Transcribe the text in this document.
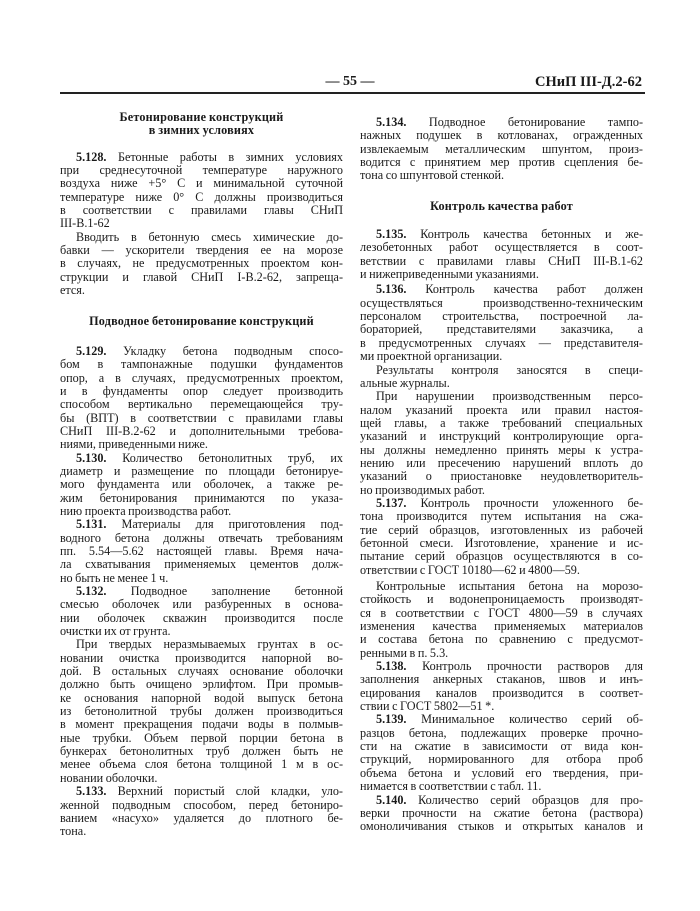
— 55 —	СНиП III-Д.2-62
Бетонирование конструкций
в зимних условиях
5.128. Бетонные работы в зимних условиях
при среднесуточной температуре наружного
воздуха ниже +5° С и минимальной суточной
температуре ниже 0° С должны производиться
в соответствии с правилами главы СНиП
III-В.1-62
Вводить в бетонную смесь химические до-
бавки — ускорители твердения ее на морозе
в случаях, не предусмотренных проектом кон-
струкции и главой СНиП I-В.2-62, запреща-
ется.
Подводное бетонирование конструкций
5.129. Укладку бетона подводным спосо-
бом в тампонажные подушки фундаментов
опор, а в случаях, предусмотренных проектом,
и в фундаменты опор следует производить
способом вертикально перемещающейся тру-
бы (ВПТ) в соответствии с правилами главы
СНиП III-В.2-62 и дополнительными требова-
ниями, приведенными ниже.
5.130. Количество бетонолитных труб, их
диаметр и размещение по площади бетонируе-
мого фундамента или оболочек, а также ре-
жим бетонирования принимаются по указа-
нию проекта производства работ.
5.131. Материалы для приготовления под-
водного бетона должны отвечать требованиям
пп. 5.54—5.62 настоящей главы. Время нача-
ла схватывания применяемых цементов долж-
но быть не менее 1 ч.
5.132. Подводное заполнение бетонной
смесью оболочек или разбуренных в основа-
нии оболочек скважин производится после
очистки их от грунта.
При твердых неразмываемых грунтах в ос-
новании очистка производится напорной во-
дой. В остальных случаях основание оболочки
должно быть очищено эрлифтом. При промыв-
ке основания напорной водой выпуск бетона
из бетонолитной трубы должен производиться
в момент прекращения подачи воды в полмыв-
ные трубки. Объем первой порции бетона в
бункерах бетонолитных труб должен быть не
менее объема слоя бетона толщиной 1 м в ос-
новании оболочки.
5.133. Верхний пористый слой кладки, уло-
женной подводным способом, перед бетониро-
ванием «насухо» удаляется до плотного бе-
тона.
5.134. Подводное бетонирование тампо-
нажных подушек в котлованах, огражденных
извлекаемым металлическим шпунтом, произ-
водится с принятием мер против сцепления бе-
тона со шпунтовой стенкой.
Контроль качества работ
5.135. Контроль качества бетонных и же-
лезобетонных работ осуществляется в соот-
ветствии с правилами главы СНиП III-В.1-62
и нижеприведенными указаниями.
5.136. Контроль качества работ должен
осуществляться производственно-техническим
персоналом строительства, построечной ла-
бораторией, представителями заказчика, а
в предусмотренных случаях — представителя-
ми проектной организации.
Результаты контроля заносятся в специ-
альные журналы.
При нарушении производственным персо-
налом указаний проекта или правил настоя-
щей главы, а также требований специальных
указаний и инструкций контролирующие орга-
ны должны немедленно принять меры к устра-
нению или пресечению нарушений вплоть до
указаний о приостановке неудовлетворитель-
но производимых работ.
5.137. Контроль прочности уложенного бе-
тона производится путем испытания на сжа-
тие серий образцов, изготовленных из рабочей
бетонной смеси. Изготовление, хранение и ис-
пытание серий образцов осуществляются в со-
ответствии с ГОСТ 10180—62 и 4800—59.
Контрольные испытания бетона на морозо-
стойкость и водонепроницаемость производят-
ся в соответствии с ГОСТ 4800—59 в случаях
изменения качества применяемых материалов
и состава бетона по сравнению с предусмот-
ренными в п. 5.3.
5.138. Контроль прочности растворов для
заполнения анкерных стаканов, швов и инъ-
ецирования каналов производится в соответ-
ствии с ГОСТ 5802—51 *.
5.139. Минимальное количество серий об-
разцов бетона, подлежащих проверке прочно-
сти на сжатие в зависимости от вида кон-
струкций, нормированного для отбора проб
объема бетона и условий его твердения, при-
нимается в соответствии с табл. 11.
5.140. Количество серий образцов для про-
верки прочности на сжатие бетона (раствора)
омоноличивания стыков и открытых каналов и
